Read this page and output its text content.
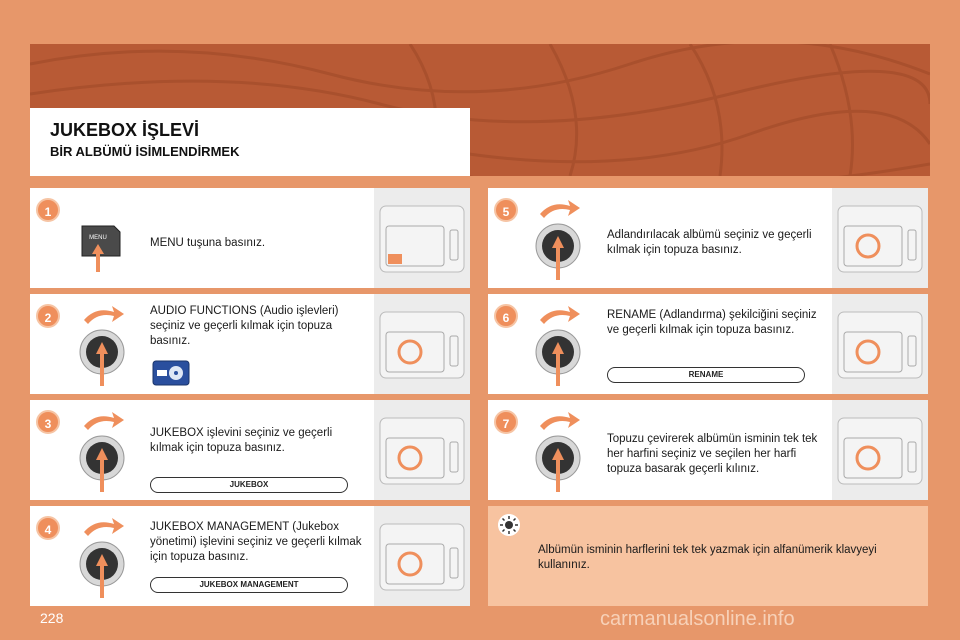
JUKEBOX İŞLEVİ
BİR ALBÜMÜ İSİMLENDİRMEK
1
2
3
4
5
6
7
MENU tuşuna basınız.
AUDIO FUNCTIONS (Audio işlevleri) seçiniz ve geçerli kılmak için topuza basınız.
JUKEBOX işlevini seçiniz ve geçerli kılmak için topuza basınız.
JUKEBOX MANAGEMENT (Jukebox yönetimi) işlevini seçiniz ve geçerli kılmak için topuza basınız.
Adlandırılacak albümü seçiniz ve geçerli kılmak için topuza basınız.
RENAME (Adlandırma) şekilciğini seçiniz ve geçerli kılmak için topuza basınız.
Topuzu çevirerek albümün isminin tek tek her harfini seçiniz ve seçilen her harfi topuza basarak geçerli kılınız.
JUKEBOX
JUKEBOX MANAGEMENT
RENAME
MENU
Albümün isminin harflerini tek tek yazmak için alfanümerik klavyeyi kullanınız.
228	carmanualsonline.info
